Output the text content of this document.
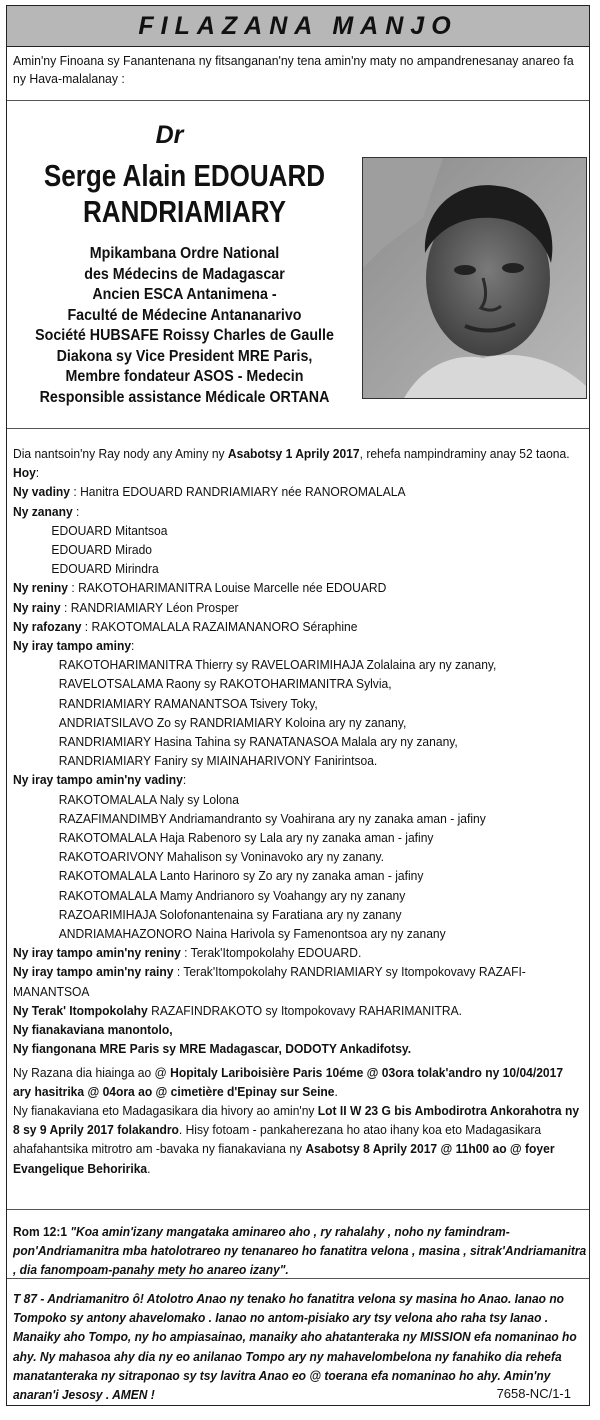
FILAZANA MANJO
Amin'ny Finoana sy Fanantenana ny fitsanganan'ny tena amin'ny maty no ampandrenesanay anareo fa ny Hava-malalanay :
Dr
Serge Alain EDOUARD
RANDRIAMIARY
Mpikambana Ordre National
des Médecins de Madagascar
Ancien ESCA Antanimena -
Faculté de Médecine Antananarivo
Société HUBSAFE Roissy Charles de Gaulle
Diakona sy Vice President MRE Paris,
Membre fondateur ASOS - Medecin
Responsible assistance Médicale ORTANA

Dia nantsoin'ny Ray nody any Aminy ny Asabotsy 1 Aprily 2017, rehefa nampindraminy anay 52 taona.

Hoy:

Ny vadiny : Hanitra EDOUARD RANDRIAMIARY née RANOROMALALA

Ny zanany :

EDOUARD Mitantsoa

EDOUARD Mirado

EDOUARD Mirindra

Ny reniny : RAKOTOHARIMANITRA Louise Marcelle née EDOUARD

Ny rainy : RANDRIAMIARY Léon Prosper

Ny rafozany : RAKOTOMALALA RAZAIMANANORO Séraphine

Ny iray tampo aminy:

RAKOTOHARIMANITRA Thierry sy RAVELOARIMIHAJA Zolalaina ary ny zanany,

RAVELOTSALAMA Raony sy RAKOTOHARIMANITRA Sylvia,

RANDRIAMIARY RAMANANTSOA Tsivery Toky,

ANDRIATSILAVO Zo sy RANDRIAMIARY Koloina ary ny zanany,

RANDRIAMIARY Hasina Tahina sy RANATANASOA Malala ary ny zanany,

RANDRIAMIARY Faniry sy MIAINAHARIVONY Fanirintsoa.

Ny iray tampo amin'ny vadiny:

RAKOTOMALALA Naly sy Lolona

RAZAFIMANDIMBY Andriamandranto sy Voahirana ary ny zanaka aman - jafiny

RAKOTOMALALA Haja Rabenoro sy Lala ary ny zanaka aman - jafiny

RAKOTOARIVONY Mahalison sy Voninavoko ary ny zanany.

RAKOTOMALALA Lanto Harinoro sy Zo ary ny zanaka aman - jafiny

RAKOTOMALALA Mamy Andrianoro sy Voahangy ary ny zanany

RAZOARIMIHAJA Solofonantenaina sy Faratiana ary ny zanany

ANDRIAMAHAZONORO Naina Harivola sy Famenontsoa ary ny zanany

Ny iray tampo amin'ny reniny : Terak'Itompokolahy EDOUARD.

Ny iray tampo amin'ny rainy : Terak'Itompokolahy RANDRIAMIARY sy Itompokovavy RAZAFI-MANANTSOA

Ny Terak' Itompokolahy RAZAFINDRAKOTO sy Itompokovavy RAHARIMANITRA.

Ny fianakaviana manontolo,

Ny fiangonana MRE Paris sy MRE Madagascar, DODOTY Ankadifotsy.

Ny Razana dia hiainga ao @ Hopitaly Lariboisière Paris 10éme @ 03ora tolak'andro ny 10/04/2017 ary hasitrika @ 04ora ao @ cimetière d'Epinay sur Seine.

Ny fianakaviana eto Madagasikara dia hivory ao amin'ny Lot II W 23 G bis Ambodirotra Ankorahotra ny 8 sy 9 Aprily 2017 folakandro. Hisy fotoam - pankaherezana ho atao ihany koa eto Madagasikara ahafahantsika mitrotro am -bavaka ny fianakaviana ny Asabotsy 8 Aprily 2017 @ 11h00 ao @ foyer Evangelique Behoririka.

Rom 12:1 "Koa amin'izany mangataka aminareo aho , ry rahalahy , noho ny famindram-pon'Andriamanitra mba hatolotrareo ny tenanareo ho fanatitra velona , masina , sitrak'Andriamanitra , dia fanompoam-panahy mety ho anareo izany".
T 87 - Andriamanitro ô! Atolotro Anao ny tenako ho fanatitra velona sy masina ho Anao. Ianao no Tompoko sy antony ahavelomako . Ianao no antom-pisiako ary tsy velona aho raha tsy Ianao . Manaiky aho Tompo, ny ho ampiasainao, manaiky aho ahatanteraka ny MISSION efa nomaninao ho ahy. Ny mahasoa ahy dia ny eo anilanao Tompo ary ny mahavelombelona ny fanahiko dia rehefa manatanteraka ny sitraponao sy tsy lavitra Anao eo @ toerana efa nomaninao ho ahy. Amin'ny anaran'i Jesosy . AMEN !	7658-NC/1-1
